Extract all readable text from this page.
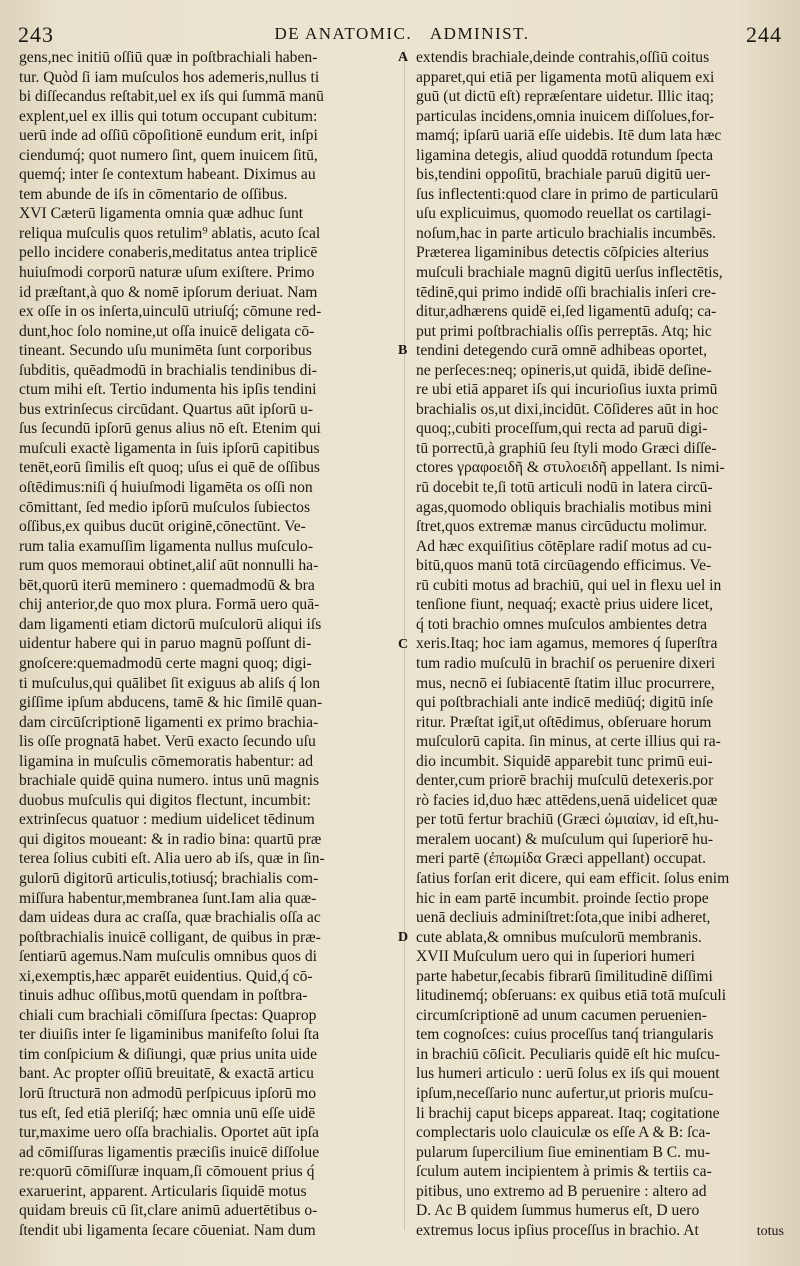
243	DE ANATOMIC. ADMINIST.	244
gens,nec initiū oſſiū quæ in poſtbrachiali haben-
tur. Quòd ſi iam muſculos hos ademeris,nullus ti
bi diſſecandus reſtabit,uel ex iſs qui ſummā manū
explent,uel ex illis qui totum occupant cubitum:
uerū inde ad oſſiū cōpoſitionē eundum erit, inſpi
ciendumq́; quot numero ſint, quem inuicem ſitū,
quemq́; inter ſe contextum habeant. Diximus au
tem abunde de iſs in cōmentario de oſſibus.
XVI Cæterū ligamenta omnia quæ adhuc ſunt
reliqua muſculis quos retulim⁹ ablatis, acuto ſcal
pello incidere conaberis,meditatus antea triplicē
huiuſmodi corporū naturæ uſum exiſtere. Primo
id præſtant,à quo & nomē ipſorum deriuat. Nam
ex oſſe in os inſerta,uinculū utriuſq́; cōmune red-
dunt,hoc ſolo nomine,ut oſſa inuicē deligata cō-
tineant. Secundo uſu munimēta ſunt corporibus
ſubditis, quēadmodū in brachialis tendinibus di-
ctum mihi eſt. Tertio indumenta his ipſis tendini
bus extrinſecus circūdant. Quartus aūt ipſorū u-
ſus ſecundū ipſorū genus alius nō eſt. Etenim qui
muſculi exactè ligamenta in ſuis ipſorū capitibus
tenēt,eorū ſimilis eſt quoq; uſus ei quē de oſſibus
oſtēdimus:niſi q́ huiuſmodi ligamēta os oſſi non
cōmittant, ſed medio ipſorū muſculos ſubiectos
oſſibus,ex quibus ducūt originē,cōnectūnt. Ve-
rum talia examuſſim ligamenta nullus muſculo-
rum quos memoraui obtinet,aliſ aūt nonnulli ha-
bēt,quorū iterū meminero : quemadmodū & bra
chij anterior,de quo mox plura. Formā uero quā-
dam ligamenti etiam dictorū muſculorū aliqui iſs
uidentur habere qui in paruo magnū poſſunt di-
gnoſcere:quemadmodū certe magni quoq; digi-
ti muſculus,qui quālibet ſit exiguus ab aliſs q́ lon
giſſime ipſum abducens, tamē & hic ſimilē quan-
dam circūſcriptionē ligamenti ex primo brachia-
lis oſſe prognatā habet. Verū exacto ſecundo uſu
ligamina in muſculis cōmemoratis habentur: ad
brachiale quidē quina numero. intus unū magnis
duobus muſculis qui digitos flectunt, incumbit:
extrinſecus quatuor : medium uidelicet tēdinum
qui digitos moueant: & in radio bina: quartū præ
terea ſolius cubiti eſt. Alia uero ab iſs, quæ in ſin-
gulorū digitorū articulis,totiusq́; brachialis com-
miſſura habentur,membranea ſunt.Iam alia quæ-
dam uideas dura ac craſſa, quæ brachialis oſſa ac
poſtbrachialis inuicē colligant, de quibus in præ-
ſentiarū agemus.Nam muſculis omnibus quos di
xi,exemptis,hæc apparēt euidentius. Quid,q́ cō-
tinuis adhuc oſſibus,motū quendam in poſtbra-
chiali cum brachiali cōmiſſura ſpectas: Quaprop
ter diuiſis inter ſe ligaminibus manifeſto ſolui ſta
tim conſpicium & diſiungi, quæ prius unita uide
bant. Ac propter oſſiū breuitatē, & exactā articu
lorū ſtructurā non admodū perſpicuus ipſorū mo
tus eſt, ſed etiā pleriſq́; hæc omnia unū eſſe uidē
tur,maxime uero oſſa brachialis. Oportet aūt ipſa
ad cōmiſſuras ligamentis præciſis inuicē diſſolue
re:quorū cōmiſſuræ inquam,ſi cōmouent prius q́
exaruerint, apparent. Articularis ſiquidē motus
quidam breuis cū ſit,clare animū aduertētibus o-
ſtendit ubi ligamenta ſecare cōueniat. Nam dum
extendis brachiale,deinde contrahis,oſſiū coitus
apparet,qui etiā per ligamenta motū aliquem exi
guū (ut dictū eſt) repræſentare uidetur. Illic itaq;
particulas incidens,omnia inuicem diſſolues,for-
mamq́; ipſarū uariā eſſe uidebis. Itē dum lata hæc
ligamina detegis, aliud quoddā rotundum ſpecta
bis,tendini oppoſitū, brachiale paruū digitū uer-
ſus inflectenti:quod clare in primo de particularū
uſu explicuimus, quomodo reuellat os cartilagi-
noſum,hac in parte articulo brachialis incumbēs.
Præterea ligaminibus detectis cōſpicies alterius
muſculi brachiale magnū digitū uerſus inflectētis,
tēdinē,qui primo indidē oſſi brachialis inſeri cre-
ditur,adhærens quidē ei,ſed ligamentū aduſq; ca-
put primi poſtbrachialis oſſis perreptās. Atq; hic
tendini detegendo curā omnē adhibeas oportet,
ne perſeces:neq; opineris,ut quidā, ibidē deſine-
re ubi etiā apparet iſs qui incurioſius iuxta primū
brachialis os,ut dixi,incidūt. Cōſideres aūt in hoc
quoq;,cubiti proceſſum,qui recta ad paruū digi-
tū porrectū,à graphiū ſeu ſtyli modo Græci diſſe-
ctores γραφοειδῆ & στυλοειδῆ appellant. Is nimi-
rū docebit te,ſi totū articuli nodū in latera circū-
agas,quomodo obliquis brachialis motibus mini
ſtret,quos extremæ manus circūductu molimur.
Ad hæc exquiſitius cōtēplare radiſ motus ad cu-
bitū,quos manū totā circūagendo efficimus. Ve-
rū cubiti motus ad brachiū, qui uel in flexu uel in
tenſione fiunt, nequaq́; exactè prius uidere licet,
q́ toti brachio omnes muſculos ambientes detra
xeris.Itaq; hoc iam agamus, memores q́ ſuperſtra
tum radio muſculū in brachiſ os peruenire dixeri
mus, necnō ei ſubiacentē ſtatim illuc procurrere,
qui poſtbrachiali ante indicē mediūq́; digitū inſe
ritur. Præſtat igit̄,ut oſtēdimus, obſeruare horum
muſculorū capita. ſin minus, at certe illius qui ra-
dio incumbit. Siquidē apparebit tunc primū eui-
denter,cum priorē brachij muſculū detexeris.por
rò facies id,duo hæc attēdens,uenā uidelicet quæ
per totū fertur brachiū (Græci ὠμιαίαν, id eſt,hu-
meralem uocant) & muſculum qui ſuperiorē hu-
meri partē (ἐπωμίδα Græci appellant) occupat.
ſatius forſan erit dicere, qui eam efficit. ſolus enim
hic in eam partē incumbit. proinde ſectio prope
uenā decliuis adminiſtret:ſota,que inibi adheret,
cute ablata,& omnibus muſculorū membranis.
XVII Muſculum uero qui in ſuperiori humeri
parte habetur,ſecabis fibrarū ſimilitudinē diſſimi
litudinemq́; obſeruans: ex quibus etiā totā muſculi
circumſcriptionē ad unum cacumen peruenien-
tem cognoſces: cuius proceſſus tanq́ triangularis
in brachiū cōſicit. Peculiaris quidē eſt hic muſcu-
lus humeri articulo : uerū ſolus ex iſs qui mouent
ipſum,neceſſario nunc aufertur,ut prioris muſcu-
li brachij caput biceps appareat. Itaq; cogitatione
complectaris uolo clauiculæ os eſſe A & B: ſca-
pularum ſupercilium ſiue eminentiam B C. mu-
ſculum autem incipientem à primis & tertiis ca-
pitibus, uno extremo ad B peruenire : altero ad
D. Ac B quidem ſummus humerus eſt, D uero
extremus locus ipſius proceſſus in brachio. At
A
B
C
D
totus
